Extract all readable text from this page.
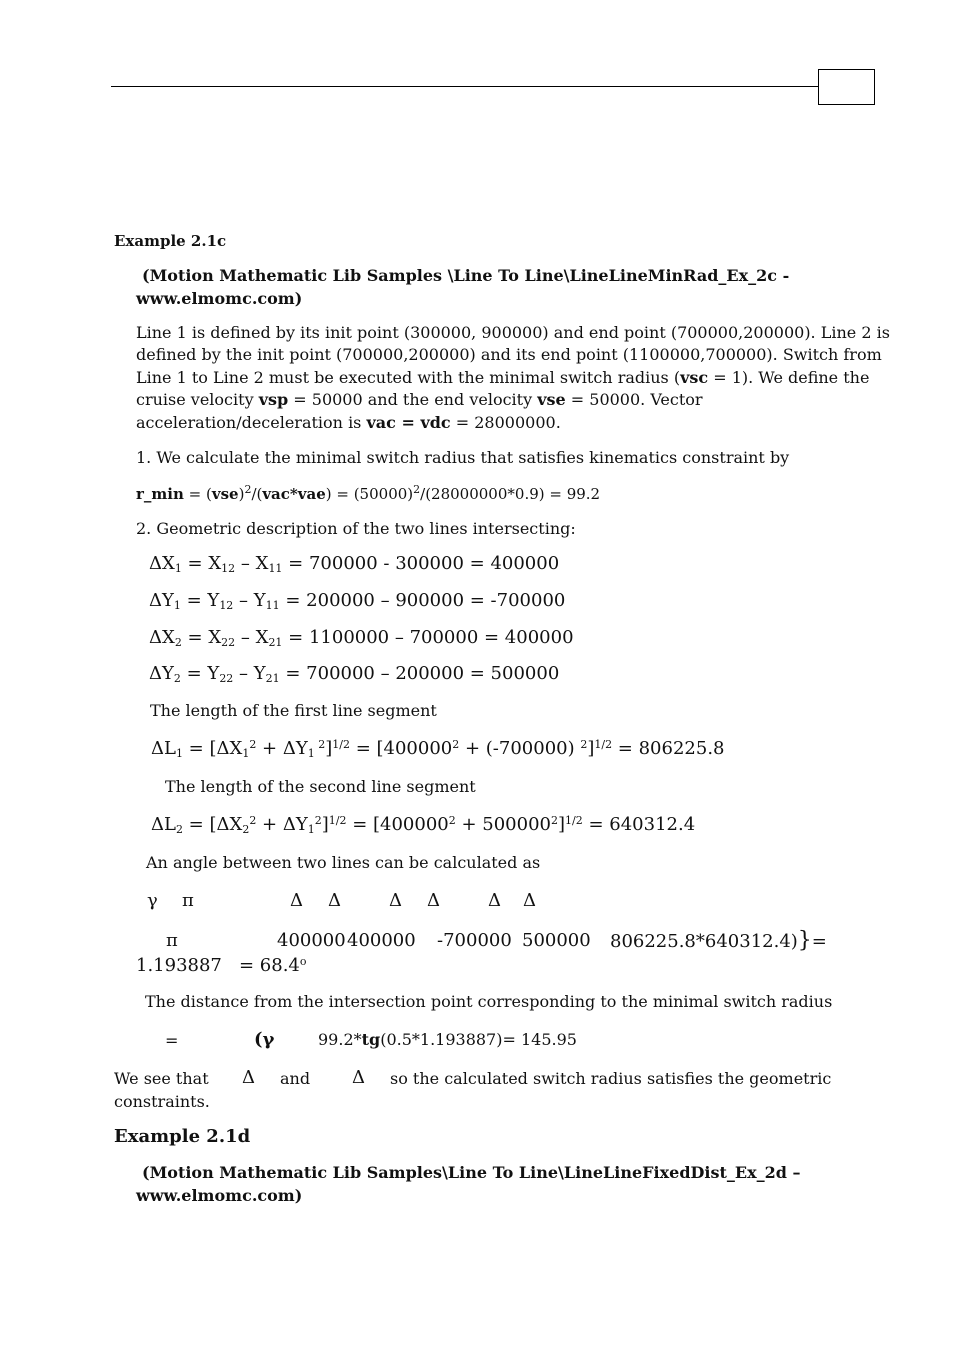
Example 2.1c
(Motion Mathematic Lib Samples \Line To Line\LineLineMinRad_Ex_2c -
www.elmomc.com)
Line 1 is defined by its init point (300000, 900000) and end point (700000,200000). Line 2 is
defined by the init point (700000,200000) and its end point (1100000,700000). Switch from
Line 1 to Line 2 must be executed with the minimal switch radius (vsc = 1). We define the
cruise velocity vsp = 50000 and the end velocity vse = 50000. Vector
acceleration/deceleration is vac = vdc = 28000000.
1. We calculate the minimal switch radius that satisfies kinematics constraint by
r_min = $(vse)^2/(vac*vae) = (50000)^2/(28000000*0.9) = 99.2$
2. Geometric description of the two lines intersecting:
$\Delta X_1 = X_{12} - X_{11} = 700000 - 300000 = 400000$
$\Delta Y_1 = Y_{12} - Y_{11} = 200000 - 900000 = -700000$
$\Delta X_2 = X_{22} - X_{21} = 1100000 - 700000 = 400000$
$\Delta Y_2 = Y_{22} - Y_{21} = 700000 - 200000 = 500000$
The length of the first line segment
$\Delta L_1 = [\Delta X_1^2 + \Delta Y_1$ $^2]^{1/2} = [400000^2 + (-700000) ^2]^{1/2} = 806225.8$
The length of the second line segment
$\Delta L_2 = [\Delta X_2^2 + \Delta Y_1^2]^{1/2} = [400000^2 + 500000^2]^{1/2} = 640312.4$
An angle between two lines can be calculated as
γ π	Δ Δ	Δ Δ	Δ Δ
π	400000 400000 -700000 500000 806225.8*640312.4)}=
$1.193887 = 68.4^o$
The distance from the intersection point corresponding to the minimal switch radius
=	(γ	99.2*tg(0.5*1.193887)= 145.95
We see that Δ and Δ so the calculated switch radius satisfies the geometric
constraints.
Example 2.1d
(Motion Mathematic Lib Samples\Line To Line\LineLineFixedDist_Ex_2d –
www.elmomc.com)
